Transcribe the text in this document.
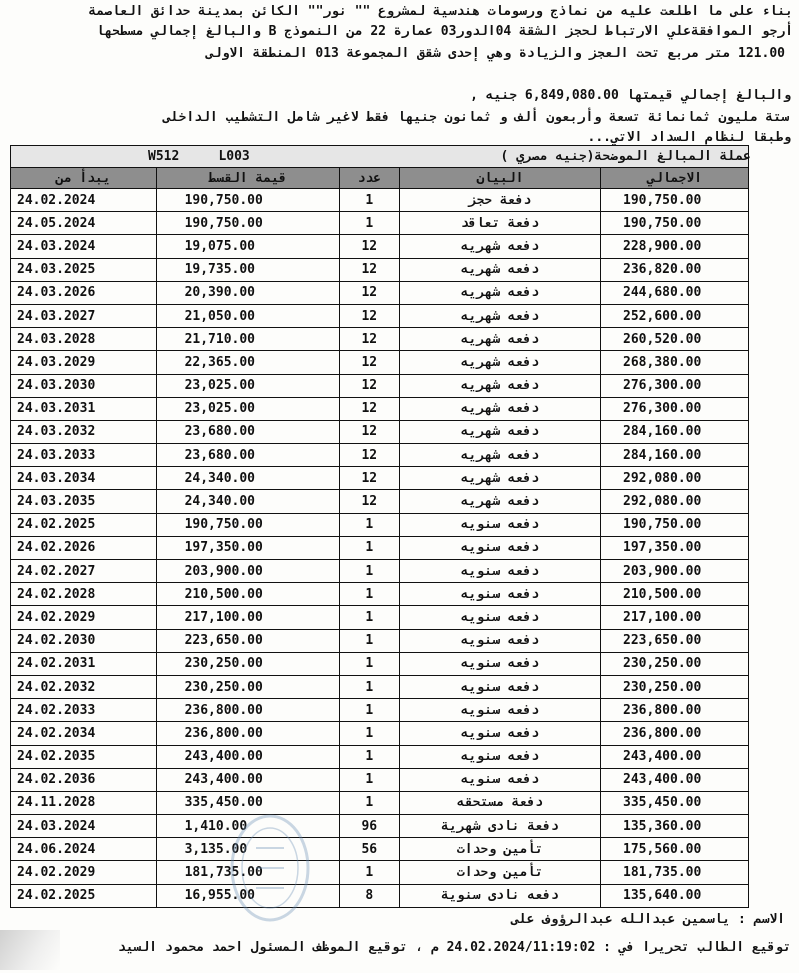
بناء على ما اطلعت عليه من نماذج ورسومات هندسية لمشروع "" نور"" الكائن بمدينة حدائق العاصمة
أرجو الموافقةعلي الارتباط لحجز الشقة 04الدور03 عمارة 22 من النموذج B والبالغ إجمالي مسطحها
121.00 متر مربع تحت العجز والزيادة وهي إحدى شقق المجموعة 013 المنطقة الاولى
والبالغ إجمالي قيمتها 6,849,080.00 جنيه ,
ستة مليون ثمانمائة تسعة وأربعون ألف و ثمانون جنيها فقط لاغير شامل التشطيب الداخلى
وطبقا لنظام السداد الاتي...

يبدأ من	قيمة القسط	عدد	البيان	الاجمالي
24.02.2024	190,750.00	1	دفعة حجز	190,750.00
24.05.2024	190,750.00	1	دفعة تعاقد	190,750.00
24.03.2024	19,075.00	12	دفعه شهريه	228,900.00
24.03.2025	19,735.00	12	دفعه شهريه	236,820.00
24.03.2026	20,390.00	12	دفعه شهريه	244,680.00
24.03.2027	21,050.00	12	دفعه شهريه	252,600.00
24.03.2028	21,710.00	12	دفعه شهريه	260,520.00
24.03.2029	22,365.00	12	دفعه شهريه	268,380.00
24.03.2030	23,025.00	12	دفعه شهريه	276,300.00
24.03.2031	23,025.00	12	دفعه شهريه	276,300.00
24.03.2032	23,680.00	12	دفعه شهريه	284,160.00
24.03.2033	23,680.00	12	دفعه شهريه	284,160.00
24.03.2034	24,340.00	12	دفعه شهريه	292,080.00
24.03.2035	24,340.00	12	دفعه شهريه	292,080.00
24.02.2025	190,750.00	1	دفعه سنويه	190,750.00
24.02.2026	197,350.00	1	دفعه سنويه	197,350.00
24.02.2027	203,900.00	1	دفعه سنويه	203,900.00
24.02.2028	210,500.00	1	دفعه سنويه	210,500.00
24.02.2029	217,100.00	1	دفعه سنويه	217,100.00
24.02.2030	223,650.00	1	دفعه سنويه	223,650.00
24.02.2031	230,250.00	1	دفعه سنويه	230,250.00
24.02.2032	230,250.00	1	دفعه سنويه	230,250.00
24.02.2033	236,800.00	1	دفعه سنويه	236,800.00
24.02.2034	236,800.00	1	دفعه سنويه	236,800.00
24.02.2035	243,400.00	1	دفعه سنويه	243,400.00
24.02.2036	243,400.00	1	دفعه سنويه	243,400.00
24.11.2028	335,450.00	1	دفعة مستحقه	335,450.00
24.03.2024	1,410.00	96	دفعة نادى شهرية	135,360.00
24.06.2024	3,135.00	56	تأمين وحدات	175,560.00
24.02.2029	181,735.00	1	تأمين وحدات	181,735.00
24.02.2025	16,955.00	8	دفعه نادى سنوية	135,640.00
W512     L003	عملة المبالغ الموضحة(جنيه مصري )
الاسم : ياسمين عبدالله عبدالرؤوف على
توقيع الطالب تحريرا في : 24.02.2024/11:19:02 م ، توقيع الموظف المسئول احمد محمود السيد
